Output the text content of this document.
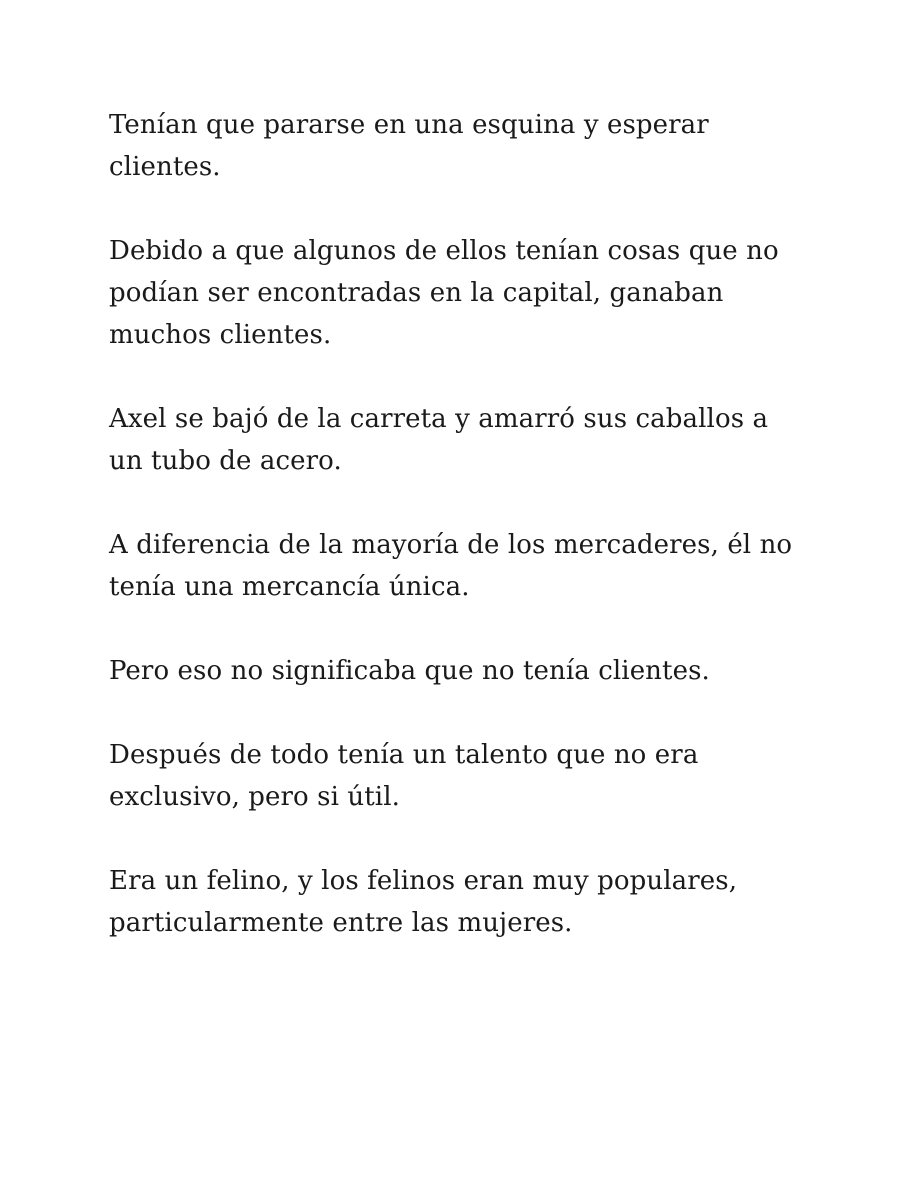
Tenían que pararse en una esquina y esperar clientes.

Debido a que algunos de ellos tenían cosas que no podían ser encontradas en la capital, ganaban muchos clientes.

Axel se bajó de la carreta y amarró sus caballos a un tubo de acero.

A diferencia de la mayoría de los mercaderes, él no tenía una mercancía única.

Pero eso no significaba que no tenía clientes.

Después de todo tenía un talento que no era exclusivo, pero si útil.

Era un felino, y los felinos eran muy populares, particularmente entre las mujeres.
